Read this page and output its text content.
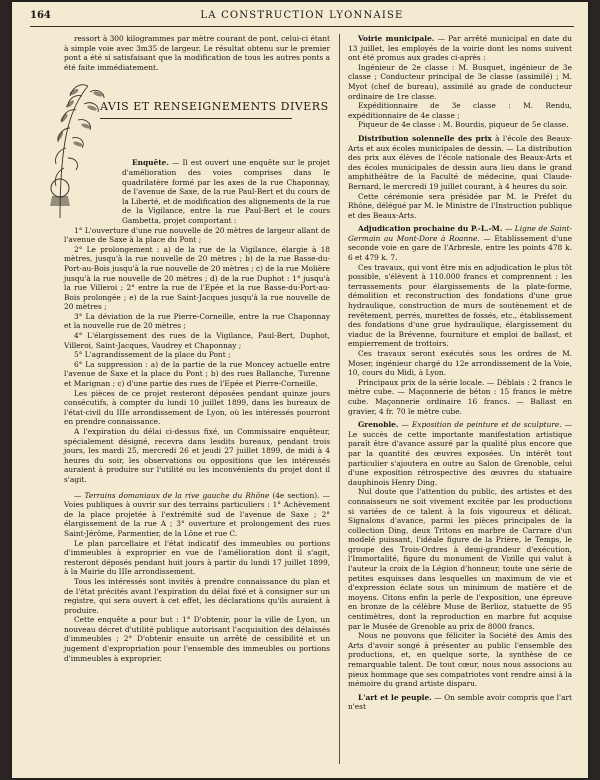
164	LA CONSTRUCTION LYONNAISE

ressort à 300 kilogrammes par mètre courant de pont, celui-ci étant à simple voie avec 3m35 de largeur. Le résultat obtenu sur le premier pont a été si satisfaisant que la modification de tous les autres ponts a été faite immédiatement.

AVIS ET RENSEIGNEMENTS DIVERS

Enquête. — Il est ouvert une enquête sur le projet d'amélioration des voies comprises dans le quadrilatère formé par les axes de la rue Chaponnay, de l'avenue de Saxe, de la rue Paul-Bert et du cours de la Liberté, et de modification des alignements de la rue de la Vigilance, entre la rue Paul-Bert et le cours Gambetta, projet comportant :

1° L'ouverture d'une rue nouvelle de 20 mètres de largeur allant de l'avenue de Saxe à la place du Pont ;

2° Le prolongement : a) de la rue de la Vigilance, élargie à 18 mètres, jusqu'à la rue nouvelle de 20 mètres ; b) de la rue Basse-du-Port-au-Bois jusqu'à la rue nouvelle de 20 mètres ; c) de la rue Molière jusqu'à la rue nouvelle de 20 mètres ; d) de la rue Duphot : 1° jusqu'à la rue Villeroi ; 2° entre la rue de l'Epée et la rue Basse-du-Port-au-Bois prolongée ; e) de la rue Saint-Jacques jusqu'à la rue nouvelle de 20 mètres ;

3° La déviation de la rue Pierre-Corneille, entre la rue Chaponnay et la nouvelle rue de 20 mètres ;

4° L'élargissement des rues de la Vigilance, Paul-Bert, Duphot, Villeroi, Saint-Jacques, Vaudrey et Chaponnay ;

5° L'agrandissement de la place du Pont ;

6° La suppression : a) de la partie de la rue Moncey actuelle entre l'avenue de Saxe et la place du Pont ; b) des rues Ballanche, Turenne et Marignan ; c) d'une partie des rues de l'Epée et Pierre-Corneille.

Les pièces de ce projet resteront déposées pendant quinze jours consécutifs, à compter du lundi 10 juillet 1899, dans les bureaux de l'état-civil du IIIe arrondissement de Lyon, où les intéressés pourront en prendre connaissance.

A l'expiration du délai ci-dessus fixé, un Commissaire enquêteur, spécialement désigné, recevra dans lesdits bureaux, pendant trois jours, les mardi 25, mercredi 26 et jeudi 27 juillet 1899, de midi à 4 heures du soir, les observations ou oppositions que les intéressés auraient à produire sur l'utilité ou les inconvénients du projet dont il s'agit.

— Terrains domaniaux de la rive gauche du Rhône (4e section). — Voies publiques à ouvrir sur des terrains particuliers : 1° Achèvement de la place projetée à l'extrémité sud de l'avenue de Saxe ; 2° élargissement de la rue A ; 3° ouverture et prolongement des rues Saint-Jérôme, Parmentier, de la Lône et rue C.

Le plan parcellaire et l'état indicatif des immeubles ou portions d'immeubles à exproprier en vue de l'amélioration dont il s'agit, resteront déposés pendant huit jours à partir du lundi 17 juillet 1899, à la Mairie du IIIe arrondissement.

Tous les intéressés sont invités à prendre connaissance du plan et de l'état précités avant l'expiration du délai fixé et à consigner sur un registre, qui sera ouvert à cet effet, les déclarations qu'ils auraient à produire.

Cette enquête a pour but : 1° D'obtenir, pour la ville de Lyon, un nouveau décret d'utilité publique autorisant l'acquisition des délaissés d'immeubles ; 2° D'obtenir ensuite un arrêté de cessibilité et un jugement d'expropriation pour l'ensemble des immeubles ou portions d'immeubles à exproprier.

Voirie municipale. — Par arrêté municipal en date du 13 juillet, les employés de la voirie dont les noms suivent ont été promus aux grades ci-après :

Ingénieur de 2e classe : M. Busquet, ingénieur de 3e classe ; Conducteur principal de 3e classe (assimilé) ; M. Myot (chef de bureau), assimilé au grade de conducteur ordinaire de 1re classe.

Expéditionnaire de 3e classe : M. Rendu, expéditionnaire de 4e classe ;

Piqueur de 4e classe : M. Bourdis, piqueur de 5e classe.

Distribution solennelle des prix à l'école des Beaux-Arts et aux écoles municipales de dessin. — La distribution des prix aux élèves de l'école nationale des Beaux-Arts et des écoles municipales de dessin aura lieu dans le grand amphithéâtre de la Faculté de médecine, quai Claude-Bernard, le mercredi 19 juillet courant, à 4 heures du soir.

Cette cérémonie sera présidée par M. le Préfet du Rhône, délégué par M. le Ministre de l'Instruction publique et des Beaux-Arts.

Adjudication prochaine du P.-L.-M. — Ligne de Saint-Germain au Mont-Dore à Roanne. — Etablissement d'une seconde voie en gare de l'Arbresle, entre les points 478 k. 6 et 479 k. 7.

Ces travaux, qui vont être mis en adjudication le plus tôt possible, s'élèvent à 110.000 francs et comprennent : les terrassements pour élargissements de la plate-forme, démolition et reconstruction des fondations d'une grue hydraulique, construction de murs de soutènement et de revêtement, perrés, murettes de fossés, etc., établissement des fondations d'une grue hydraulique, élargissement du viaduc de la Brévenne, fourniture et emploi de ballast, et empierrement de trottoirs.

Ces travaux seront exécutés sous les ordres de M. Moser, ingénieur chargé du 12e arrondissement de la Voie, 10, cours du Midi, à Lyon.

Principaux prix de la série locale. — Déblais : 2 francs le mètre cube. — Maçonnerie de béton : 15 francs le mètre cube. Maçonnerie ordinaire 16 francs. — Ballast en gravier, 4 fr. 70 le mètre cube.

Grenoble. — Exposition de peinture et de sculpture. — Le succès de cette importante manifestation artistique paraît être d'avance assuré par la qualité plus encore que par la quantité des œuvres exposées. Un intérêt tout particulier s'ajoutera en outre au Salon de Grenoble, celui d'une exposition rétrospective des œuvres du statuaire dauphinois Henry Ding.

Nul doute que l'attention du public, des artistes et des connaisseurs ne soit vivement excitée par les productions si variées de ce talent à la fois vigoureux et délicat. Signalons d'avance, parmi les pièces principales de la collection Ding, deux Tritons en marbre de Carrare d'un modelé puissant, l'idéale figure de la Prière, le Temps, le groupe des Trois-Ordres à demi-grandeur d'exécution, l'Immortalité, figure du monument de Vizille qui valut à l'auteur la croix de la Légion d'honneur, toute une série de petites esquisses dans lesquelles un maximum de vie et d'expression éclate sous un minimum de matière et de moyens. Citons enfin la perle de l'exposition, une épreuve en bronze de la célèbre Muse de Berlioz, statuette de 95 centimètres, dont la reproduction en marbre fut acquise par le Musée de Grenoble au prix de 8000 francs.

Nous ne pouvons que féliciter la Société des Amis des Arts d'avoir songé à présenter au public l'ensemble des productions, et, en quelque sorte, la synthèse de ce remarquable talent. De tout cœur, nous nous associons au pieux hommage que ses compatriotes vont rendre ainsi à la mémoire du grand artiste disparu.

L'art et le peuple. — On semble avoir compris que l'art n'est
